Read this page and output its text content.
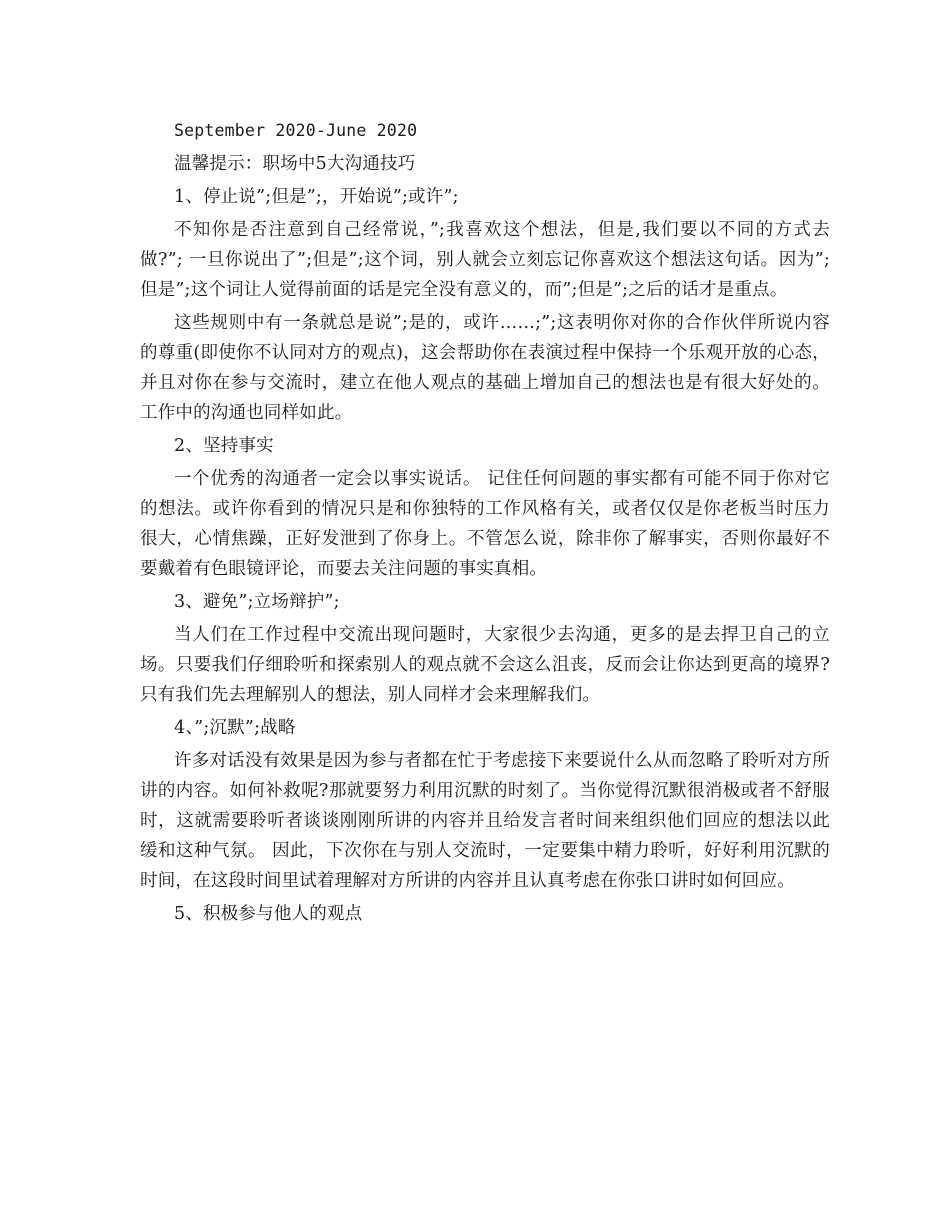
September 2020-June 2020

温馨提示：职场中5大沟通技巧

1、停止说”;但是”;，开始说”;或许”;

不知你是否注意到自己经常说，”;我喜欢这个想法，但是,我们要以不同的方式去做?”; 一旦你说出了”;但是”;这个词，别人就会立刻忘记你喜欢这个想法这句话。因为”;但是”;这个词让人觉得前面的话是完全没有意义的，而”;但是”;之后的话才是重点。

这些规则中有一条就总是说”;是的，或许……;”;这表明你对你的合作伙伴所说内容的尊重(即使你不认同对方的观点)，这会帮助你在表演过程中保持一个乐观开放的心态，并且对你在参与交流时，建立在他人观点的基础上增加自己的想法也是有很大好处的。工作中的沟通也同样如此。

2、坚持事实

一个优秀的沟通者一定会以事实说话。 记住任何问题的事实都有可能不同于你对它的想法。或许你看到的情况只是和你独特的工作风格有关，或者仅仅是你老板当时压力很大，心情焦躁，正好发泄到了你身上。不管怎么说，除非你了解事实，否则你最好不要戴着有色眼镜评论，而要去关注问题的事实真相。

3、避免”;立场辩护”;

当人们在工作过程中交流出现问题时，大家很少去沟通，更多的是去捍卫自己的立场。只要我们仔细聆听和探索别人的观点就不会这么沮丧，反而会让你达到更高的境界? 只有我们先去理解别人的想法，别人同样才会来理解我们。

4、”;沉默”;战略

许多对话没有效果是因为参与者都在忙于考虑接下来要说什么从而忽略了聆听对方所讲的内容。如何补救呢?那就要努力利用沉默的时刻了。当你觉得沉默很消极或者不舒服时，这就需要聆听者谈谈刚刚所讲的内容并且给发言者时间来组织他们回应的想法以此缓和这种气氛。 因此，下次你在与别人交流时，一定要集中精力聆听，好好利用沉默的时间，在这段时间里试着理解对方所讲的内容并且认真考虑在你张口讲时如何回应。

5、积极参与他人的观点
